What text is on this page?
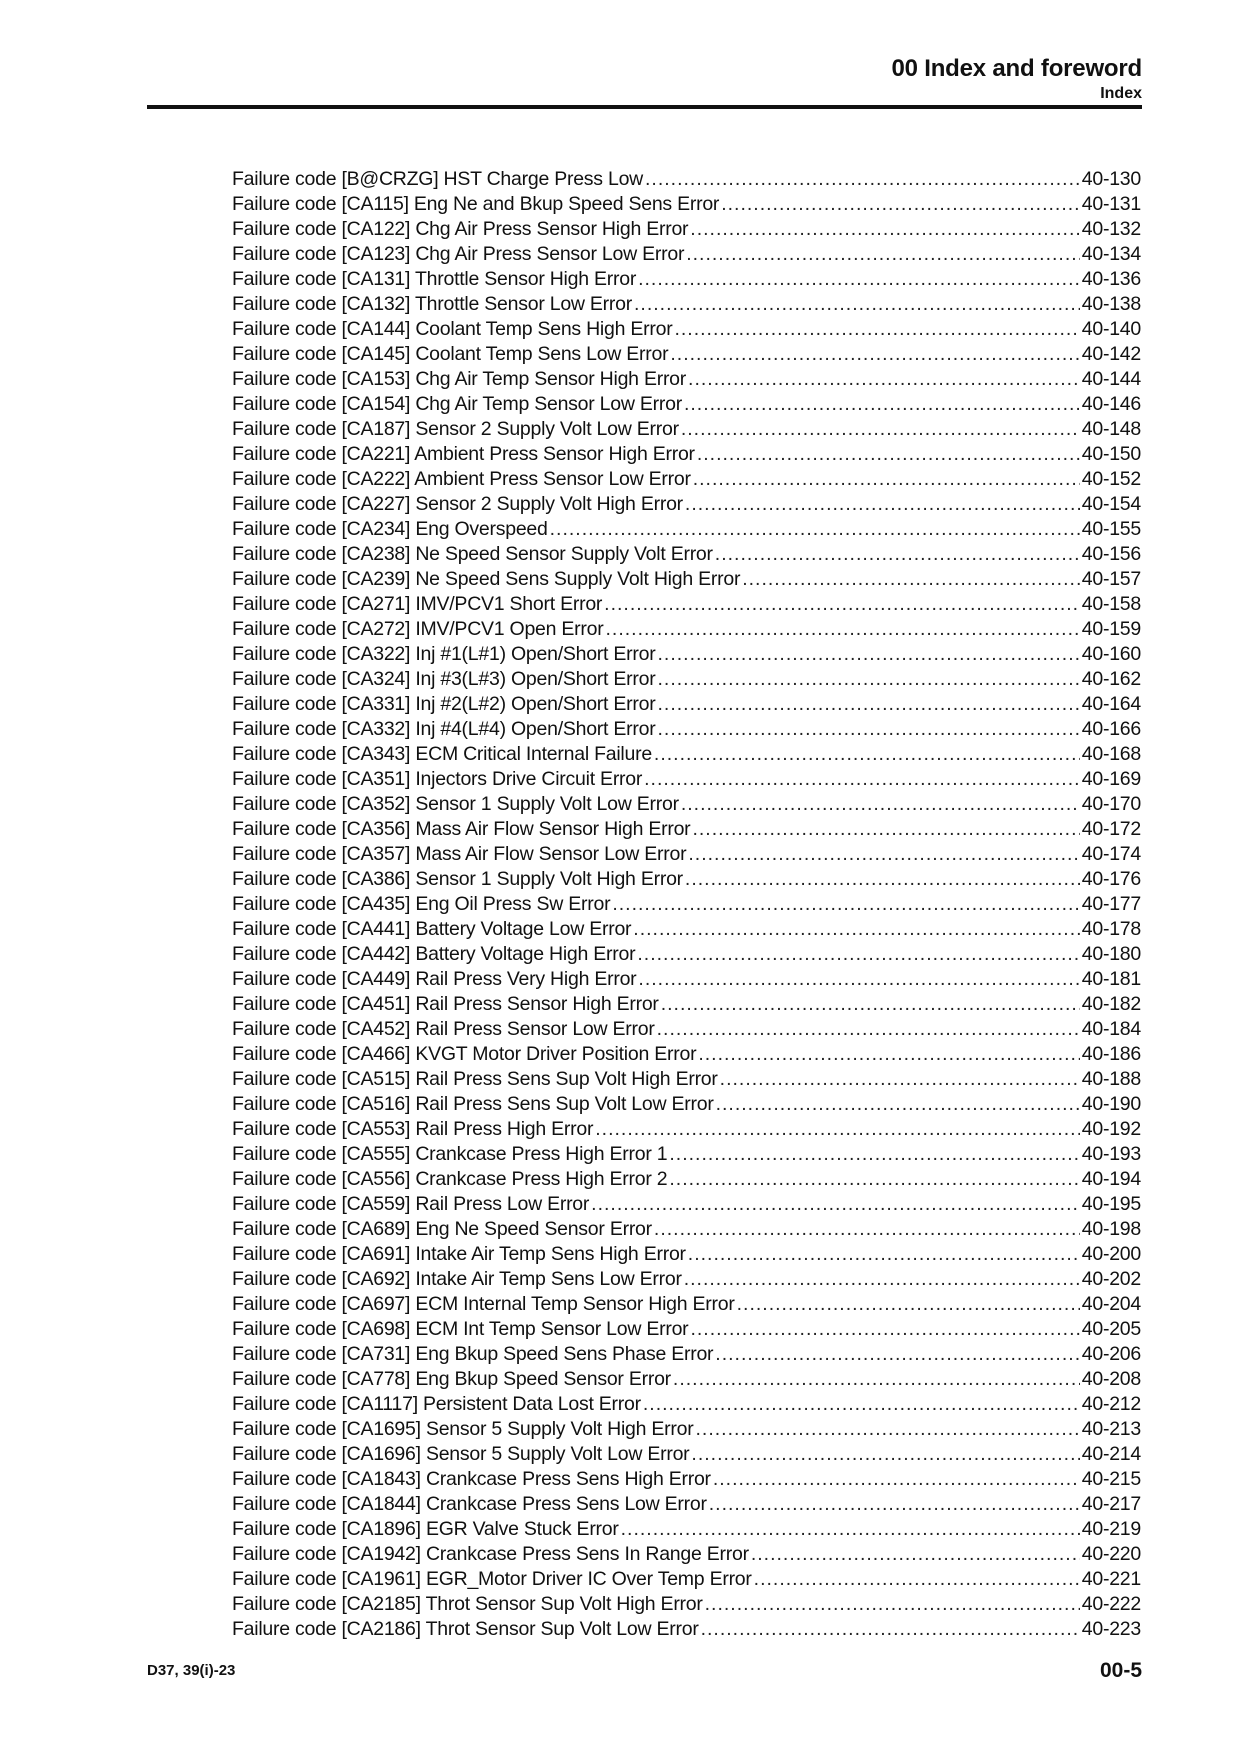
00 Index and foreword
Index
Failure code [B@CRZG] HST Charge Press Low .....	40-130
Failure code [CA115] Eng Ne and Bkup Speed Sens Error .....	40-131
Failure code [CA122] Chg Air Press Sensor High Error .....	40-132
Failure code [CA123] Chg Air Press Sensor Low Error .....	40-134
Failure code [CA131] Throttle Sensor High Error .....	40-136
Failure code [CA132] Throttle Sensor Low Error .....	40-138
Failure code [CA144] Coolant Temp Sens High Error .....	40-140
Failure code [CA145] Coolant Temp Sens Low Error .....	40-142
Failure code [CA153] Chg Air Temp Sensor High Error .....	40-144
Failure code [CA154] Chg Air Temp Sensor Low Error .....	40-146
Failure code [CA187] Sensor 2 Supply Volt Low Error .....	40-148
Failure code [CA221] Ambient Press Sensor High Error .....	40-150
Failure code [CA222] Ambient Press Sensor Low Error .....	40-152
Failure code [CA227] Sensor 2 Supply Volt High Error .....	40-154
Failure code [CA234] Eng Overspeed .....	40-155
Failure code [CA238] Ne Speed Sensor Supply Volt Error .....	40-156
Failure code [CA239] Ne Speed Sens Supply Volt High Error .....	40-157
Failure code [CA271] IMV/PCV1 Short Error .....	40-158
Failure code [CA272] IMV/PCV1 Open Error .....	40-159
Failure code [CA322] Inj #1(L#1) Open/Short Error .....	40-160
Failure code [CA324] Inj #3(L#3) Open/Short Error .....	40-162
Failure code [CA331] Inj #2(L#2) Open/Short Error .....	40-164
Failure code [CA332] Inj #4(L#4) Open/Short Error .....	40-166
Failure code [CA343] ECM Critical Internal Failure .....	40-168
Failure code [CA351] Injectors Drive Circuit Error .....	40-169
Failure code [CA352] Sensor 1 Supply Volt Low Error .....	40-170
Failure code [CA356] Mass Air Flow Sensor High Error .....	40-172
Failure code [CA357] Mass Air Flow Sensor Low Error .....	40-174
Failure code [CA386] Sensor 1 Supply Volt High Error .....	40-176
Failure code [CA435] Eng Oil Press Sw Error .....	40-177
Failure code [CA441] Battery Voltage Low Error .....	40-178
Failure code [CA442] Battery Voltage High Error .....	40-180
Failure code [CA449] Rail Press Very High Error .....	40-181
Failure code [CA451] Rail Press Sensor High Error .....	40-182
Failure code [CA452] Rail Press Sensor Low Error .....	40-184
Failure code [CA466] KVGT Motor Driver Position Error .....	40-186
Failure code [CA515] Rail Press Sens Sup Volt High Error .....	40-188
Failure code [CA516] Rail Press Sens Sup Volt Low Error .....	40-190
Failure code [CA553] Rail Press High Error .....	40-192
Failure code [CA555] Crankcase Press High Error 1 .....	40-193
Failure code [CA556] Crankcase Press High Error 2 .....	40-194
Failure code [CA559] Rail Press Low Error .....	40-195
Failure code [CA689] Eng Ne Speed Sensor Error .....	40-198
Failure code [CA691] Intake Air Temp Sens High Error .....	40-200
Failure code [CA692] Intake Air Temp Sens Low Error .....	40-202
Failure code [CA697] ECM Internal Temp Sensor High Error .....	40-204
Failure code [CA698] ECM Int Temp Sensor Low Error .....	40-205
Failure code [CA731] Eng Bkup Speed Sens Phase Error .....	40-206
Failure code [CA778] Eng Bkup Speed Sensor Error .....	40-208
Failure code [CA1117] Persistent Data Lost Error .....	40-212
Failure code [CA1695] Sensor 5 Supply Volt High Error .....	40-213
Failure code [CA1696] Sensor 5 Supply Volt Low Error .....	40-214
Failure code [CA1843] Crankcase Press Sens High Error .....	40-215
Failure code [CA1844] Crankcase Press Sens Low Error .....	40-217
Failure code [CA1896] EGR Valve Stuck Error .....	40-219
Failure code [CA1942] Crankcase Press Sens In Range Error .....	40-220
Failure code [CA1961] EGR_Motor Driver IC Over Temp Error .....	40-221
Failure code [CA2185] Throt Sensor Sup Volt High Error .....	40-222
Failure code [CA2186] Throt Sensor Sup Volt Low Error .....	40-223
D37, 39(i)-23	00-5
